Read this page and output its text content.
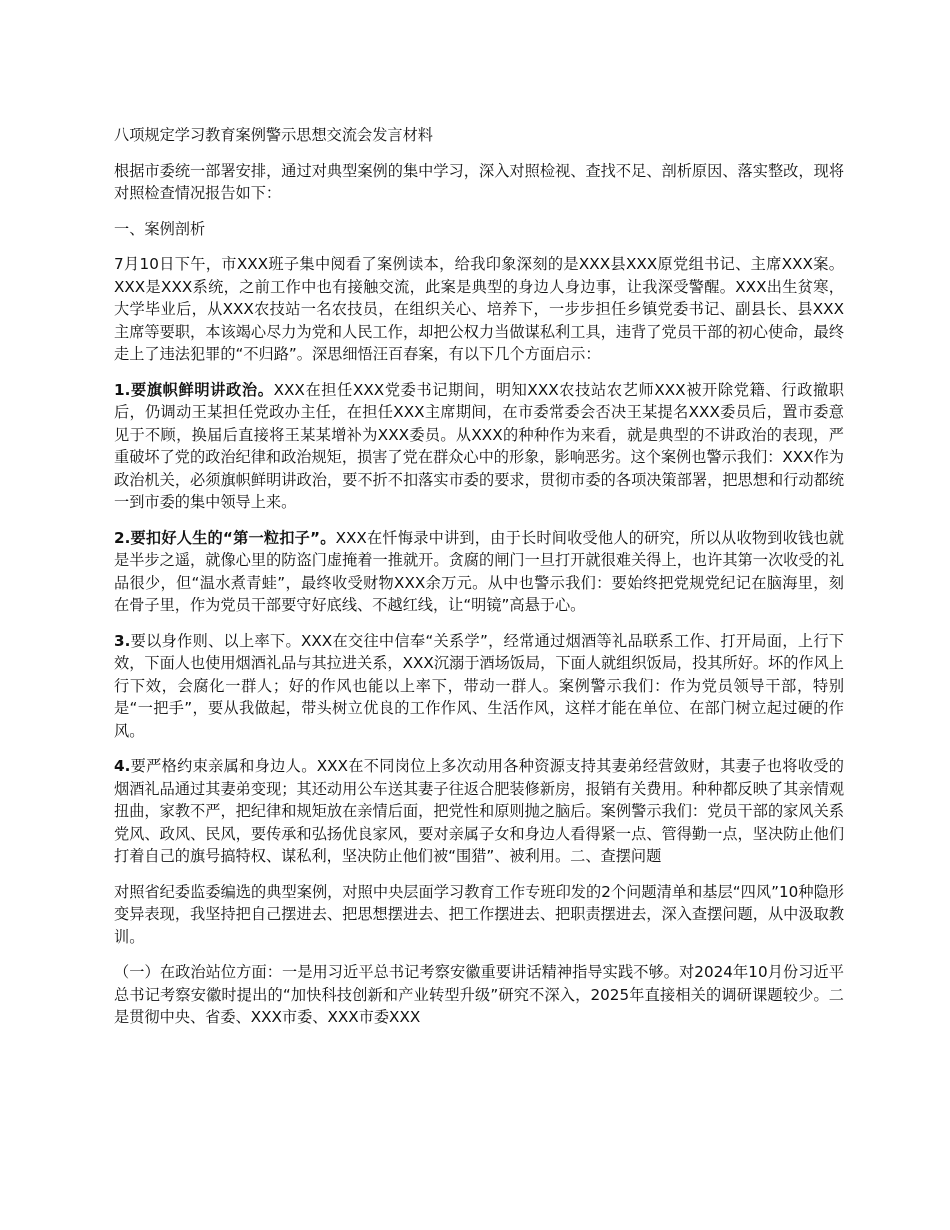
八项规定学习教育案例警示思想交流会发言材料

根据市委统一部署安排，通过对典型案例的集中学习，深入对照检视、查找不足、剖析原因、落实整改，现将对照检查情况报告如下：

一、案例剖析

7月10日下午，市XXX班子集中阅看了案例读本，给我印象深刻的是XXX县XXX原党组书记、主席XXX案。XXX是XXX系统，之前工作中也有接触交流，此案是典型的身边人身边事，让我深受警醒。XXX出生贫寒，大学毕业后，从XXX农技站一名农技员，在组织关心、培养下，一步步担任乡镇党委书记、副县长、县XXX主席等要职，本该竭心尽力为党和人民工作，却把公权力当做谋私利工具，违背了党员干部的初心使命，最终走上了违法犯罪的“不归路”。深思细悟汪百春案，有以下几个方面启示：

1.要旗帜鲜明讲政治。XXX在担任XXX党委书记期间，明知XXX农技站农艺师XXX被开除党籍、行政撤职后，仍调动王某担任党政办主任，在担任XXX主席期间，在市委常委会否决王某提名XXX委员后，置市委意见于不顾，换届后直接将王某某增补为XXX委员。从XXX的种种作为来看，就是典型的不讲政治的表现，严重破坏了党的政治纪律和政治规矩，损害了党在群众心中的形象，影响恶劣。这个案例也警示我们：XXX作为政治机关，必须旗帜鲜明讲政治，要不折不扣落实市委的要求，贯彻市委的各项决策部署，把思想和行动都统一到市委的集中领导上来。

2.要扣好人生的“第一粒扣子”。XXX在忏悔录中讲到，由于长时间收受他人的研究，所以从收物到收钱也就是半步之遥，就像心里的防盗门虚掩着一推就开。贪腐的闸门一旦打开就很难关得上，也许其第一次收受的礼品很少，但“温水煮青蛙”，最终收受财物XXX余万元。从中也警示我们：要始终把党规党纪记在脑海里，刻在骨子里，作为党员干部要守好底线、不越红线，让“明镜”高悬于心。

3.要以身作则、以上率下。XXX在交往中信奉“关系学”，经常通过烟酒等礼品联系工作、打开局面，上行下效，下面人也使用烟酒礼品与其拉进关系，XXX沉溺于酒场饭局，下面人就组织饭局，投其所好。坏的作风上行下效，会腐化一群人；好的作风也能以上率下，带动一群人。案例警示我们：作为党员领导干部，特别是“一把手”，要从我做起，带头树立优良的工作作风、生活作风，这样才能在单位、在部门树立起过硬的作风。

4.要严格约束亲属和身边人。XXX在不同岗位上多次动用各种资源支持其妻弟经营敛财，其妻子也将收受的烟酒礼品通过其妻弟变现；其还动用公车送其妻子往返合肥装修新房，报销有关费用。种种都反映了其亲情观扭曲，家教不严，把纪律和规矩放在亲情后面，把党性和原则抛之脑后。案例警示我们：党员干部的家风关系党风、政风、民风，要传承和弘扬优良家风，要对亲属子女和身边人看得紧一点、管得勤一点，坚决防止他们打着自己的旗号搞特权、谋私利，坚决防止他们被“围猎”、被利用。二、查摆问题

对照省纪委监委编选的典型案例，对照中央层面学习教育工作专班印发的2个问题清单和基层“四风”10种隐形变异表现，我坚持把自己摆进去、把思想摆进去、把工作摆进去、把职责摆进去，深入查摆问题，从中汲取教训。

（一）在政治站位方面：一是用习近平总书记考察安徽重要讲话精神指导实践不够。对2024年10月份习近平总书记考察安徽时提出的“加快科技创新和产业转型升级”研究不深入，2025年直接相关的调研课题较少。二是贯彻中央、省委、XXX市委、XXX市委XXX
